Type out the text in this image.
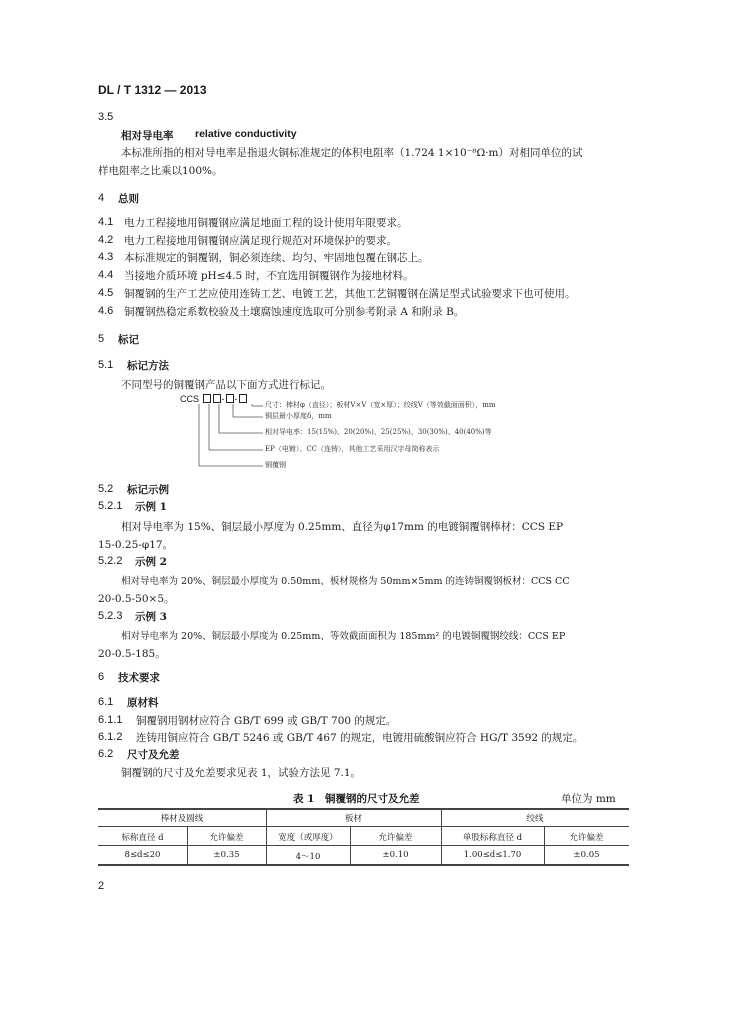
DL / T 1312 — 2013
3.5
相对导电率 relative conductivity
本标准所指的相对导电率是指退火铜标准规定的体积电阻率（1.724 1×10⁻⁸Ω·m）对相同单位的试
样电阻率之比乘以100%。
4 总则
4.1 电力工程接地用铜覆钢应满足地面工程的设计使用年限要求。
4.2 电力工程接地用铜覆钢应满足现行规范对环境保护的要求。
4.3 本标准规定的铜覆钢，铜必须连续、均匀、牢固地包覆在钢芯上。
4.4 当接地介质环境 pH≤4.5 时，不宜选用铜覆钢作为接地材料。
4.5 铜覆钢的生产工艺应使用连铸工艺、电镀工艺，其他工艺铜覆钢在满足型式试验要求下也可使用。
4.6 铜覆钢热稳定系数校验及土壤腐蚀速度选取可分别参考附录 A 和附录 B。
5 标记
5.1 标记方法
不同型号的铜覆钢产品以下面方式进行标记。
CCS	- -
尺寸：棒材φ（直径）；板材V×V（宽×厚）；绞线V（等效截面面积），mm
铜层最小厚度δ，mm
相对导电率：15(15%)、20(20%)、25(25%)、30(30%)、40(40%)等
EP（电镀）、CC（连铸），其他工艺采用汉字母简称表示
铜覆钢
5.2 标记示例
5.2.1 示例 1
相对导电率为 15%、铜层最小厚度为 0.25mm、直径为φ17mm 的电镀铜覆钢棒材：CCS EP
15-0.25-φ17。
5.2.2 示例 2
相对导电率为 20%、铜层最小厚度为 0.50mm、板材规格为 50mm×5mm 的连铸铜覆钢板材：CCS CC
20-0.5-50×5。
5.2.3 示例 3
相对导电率为 20%、铜层最小厚度为 0.25mm、等效截面面积为 185mm² 的电镀铜覆钢绞线：CCS EP
20-0.5-185。
6 技术要求
6.1 原材料
6.1.1 铜覆钢用钢材应符合 GB/T 699 或 GB/T 700 的规定。
6.1.2 连铸用铜应符合 GB/T 5246 或 GB/T 467 的规定，电镀用硫酸铜应符合 HG/T 3592 的规定。
6.2 尺寸及允差
铜覆钢的尺寸及允差要求见表 1，试验方法见 7.1。
表 1　铜覆钢的尺寸及允差	单位为 mm
棒材及圆线	板材	绞线
标称直径 d	允许偏差	宽度（或厚度）	允许偏差	单股标称直径 d	允许偏差
8≤d≤20	±0.35	4～10	±0.10	1.00≤d≤1.70	±0.05
2
